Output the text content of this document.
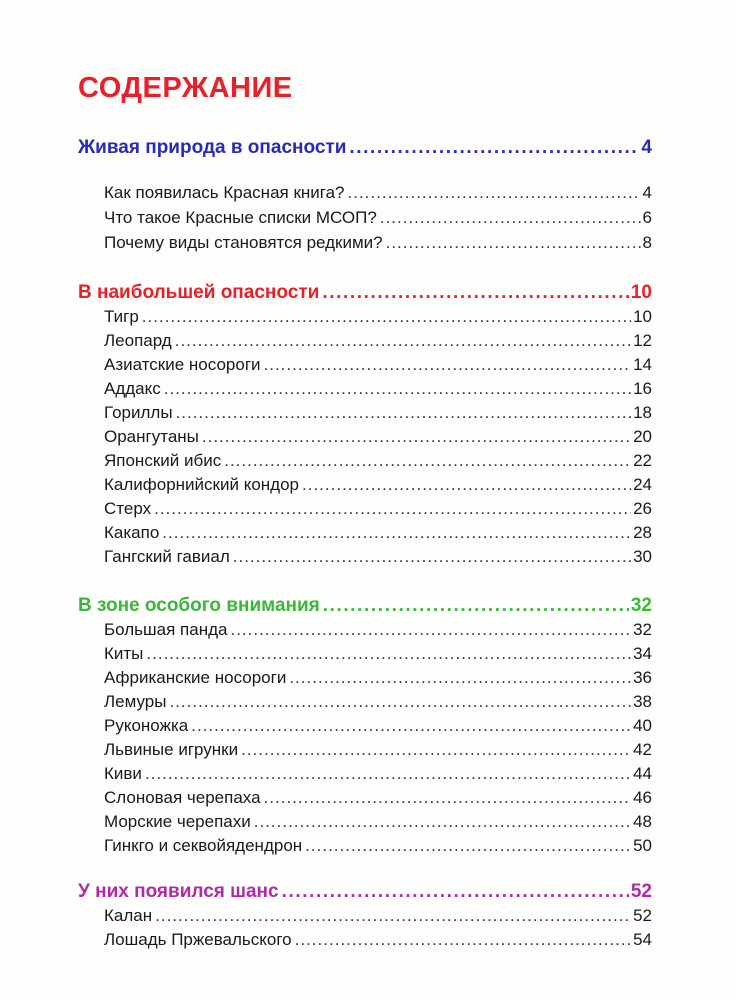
СОДЕРЖАНИЕ
Живая природа в опасности .....	4
Как появилась Красная книга? .....	4
Что такое Красные списки МСОП? .....	6
Почему виды становятся редкими? .....	8
В наибольшей опасности .....	10
Тигр .....	10
Леопард .....	12
Азиатские носороги .....	14
Аддакс .....	16
Гориллы .....	18
Орангутаны .....	20
Японский ибис .....	22
Калифорнийский кондор .....	24
Стерх .....	26
Какапо .....	28
Гангский гавиал .....	30
В зоне особого внимания .....	32
Большая панда .....	32
Киты .....	34
Африканские носороги .....	36
Лемуры .....	38
Руконожка .....	40
Львиные игрунки .....	42
Киви .....	44
Слоновая черепаха .....	46
Морские черепахи .....	48
Гинкго и секвойядендрон .....	50
У них появился шанс .....	52
Калан .....	52
Лошадь Пржевальского .....	54
